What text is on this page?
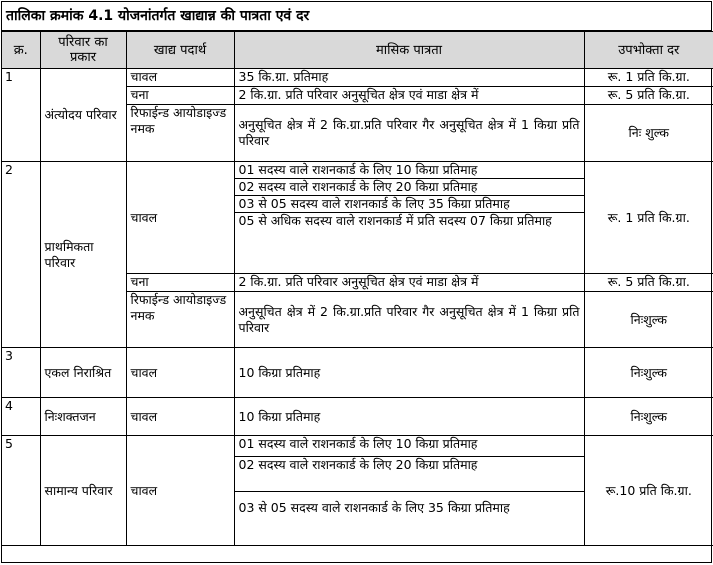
तालिका क्रमांक 4.1 योजनांतर्गत खाद्यान्न की पात्रता एवं दर
क्र.	परिवार का प्रकार	खाद्य पदार्थ	मासिक पात्रता	उपभोक्ता दर
1	अंत्योदय परिवार	चावल	35 कि.ग्रा. प्रतिमाह	रू. 1 प्रति कि.ग्रा.
		चना	2 कि.ग्रा. प्रति परिवार अनुसूचित क्षेत्र एवं माडा क्षेत्र में	रू. 5 प्रति कि.ग्रा.
		रिफाईन्ड आयोडाइज्ड नमक	अनुसूचित क्षेत्र में 2 कि.ग्रा.प्रति परिवार गैर अनुसूचित क्षेत्र में 1 किग्रा प्रति परिवार	निः शुल्क
2	प्राथमिकता परिवार	चावल	01 सदस्य वाले राशनकार्ड के लिए 10 किग्रा प्रतिमाह
02 सदस्य वाले राशनकार्ड के लिए 20 किग्रा प्रतिमाह
03 से 05 सदस्य वाले राशनकार्ड के लिए 35 किग्रा प्रतिमाह
05 से अधिक सदस्य वाले राशनकार्ड में प्रति सदस्य 07 किग्रा प्रतिमाह	रू. 1 प्रति कि.ग्रा.
		चना	2 कि.ग्रा. प्रति परिवार अनुसूचित क्षेत्र एवं माडा क्षेत्र में	रू. 5 प्रति कि.ग्रा.
		रिफाईन्ड आयोडाइज्ड नमक	अनुसूचित क्षेत्र में 2 कि.ग्रा.प्रति परिवार गैर अनुसूचित क्षेत्र में 1 किग्रा प्रति परिवार	निःशुल्क
3	एकल निराश्रित	चावल	10 किग्रा प्रतिमाह	निःशुल्क
4	निःशक्तजन	चावल	10 किग्रा प्रतिमाह	निःशुल्क
5	सामान्य परिवार	चावल	01 सदस्य वाले राशनकार्ड के लिए 10 किग्रा प्रतिमाह
02 सदस्य वाले राशनकार्ड के लिए 20 किग्रा प्रतिमाह
03 से 05 सदस्य वाले राशनकार्ड के लिए 35 किग्रा प्रतिमाह	रू.10 प्रति कि.ग्रा.
